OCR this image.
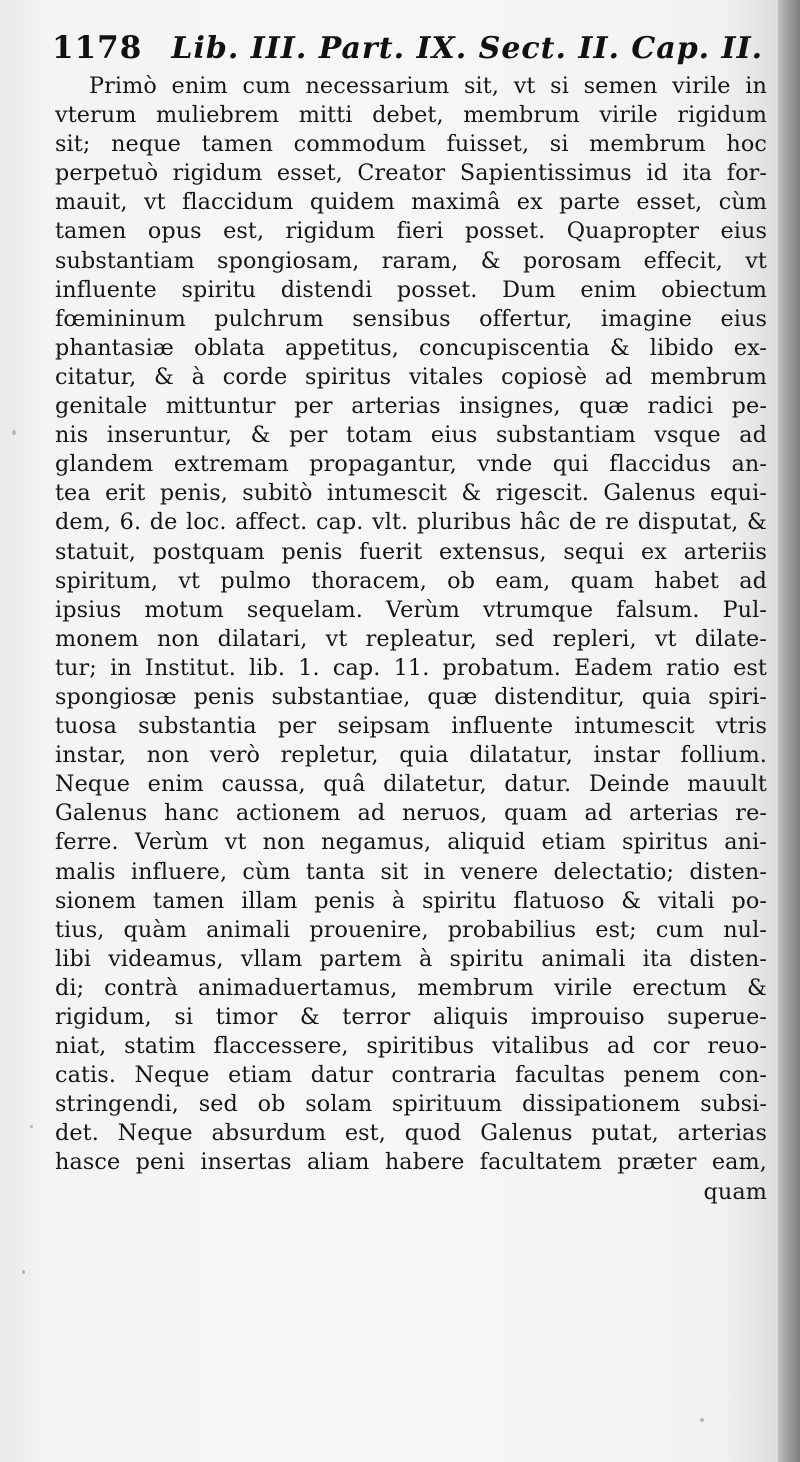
1178 Lib. III. Part. IX. Sect. II. Cap. II.
Primò enim cum necessarium sit, vt si semen virile in
vterum muliebrem mitti debet, membrum virile rigidum
sit; neque tamen commodum fuisset, si membrum hoc
perpetuò rigidum esset, Creator Sapientissimus id ita for-
mauit, vt flaccidum quidem maximâ ex parte esset, cùm
tamen opus est, rigidum fieri posset. Quapropter eius
substantiam spongiosam, raram, & porosam effecit, vt
influente spiritu distendi posset. Dum enim obiectum
fœmininum pulchrum sensibus offertur, imagine eius
phantasiæ oblata appetitus, concupiscentia & libido ex-
citatur, & à corde spiritus vitales copiosè ad membrum
genitale mittuntur per arterias insignes, quæ radici pe-
nis inseruntur, & per totam eius substantiam vsque ad
glandem extremam propagantur, vnde qui flaccidus an-
tea erit penis, subitò intumescit & rigescit. Galenus equi-
dem, 6. de loc. affect. cap. vlt. pluribus hâc de re disputat, &
statuit, postquam penis fuerit extensus, sequi ex arteriis
spiritum, vt pulmo thoracem, ob eam, quam habet ad
ipsius motum sequelam. Verùm vtrumque falsum. Pul-
monem non dilatari, vt repleatur, sed repleri, vt dilate-
tur; in Institut. lib. 1. cap. 11. probatum. Eadem ratio est
spongiosæ penis substantiae, quæ distenditur, quia spiri-
tuosa substantia per seipsam influente intumescit vtris
instar, non verò repletur, quia dilatatur, instar follium.
Neque enim caussa, quâ dilatetur, datur. Deinde mauult
Galenus hanc actionem ad neruos, quam ad arterias re-
ferre. Verùm vt non negamus, aliquid etiam spiritus ani-
malis influere, cùm tanta sit in venere delectatio; disten-
sionem tamen illam penis à spiritu flatuoso & vitali po-
tius, quàm animali prouenire, probabilius est; cum nul-
libi videamus, vllam partem à spiritu animali ita disten-
di; contrà animaduertamus, membrum virile erectum &
rigidum, si timor & terror aliquis improuiso superue-
niat, statim flaccessere, spiritibus vitalibus ad cor reuo-
catis. Neque etiam datur contraria facultas penem con-
stringendi, sed ob solam spirituum dissipationem subsi-
det. Neque absurdum est, quod Galenus putat, arterias
hasce peni insertas aliam habere facultatem præter eam,
quam
